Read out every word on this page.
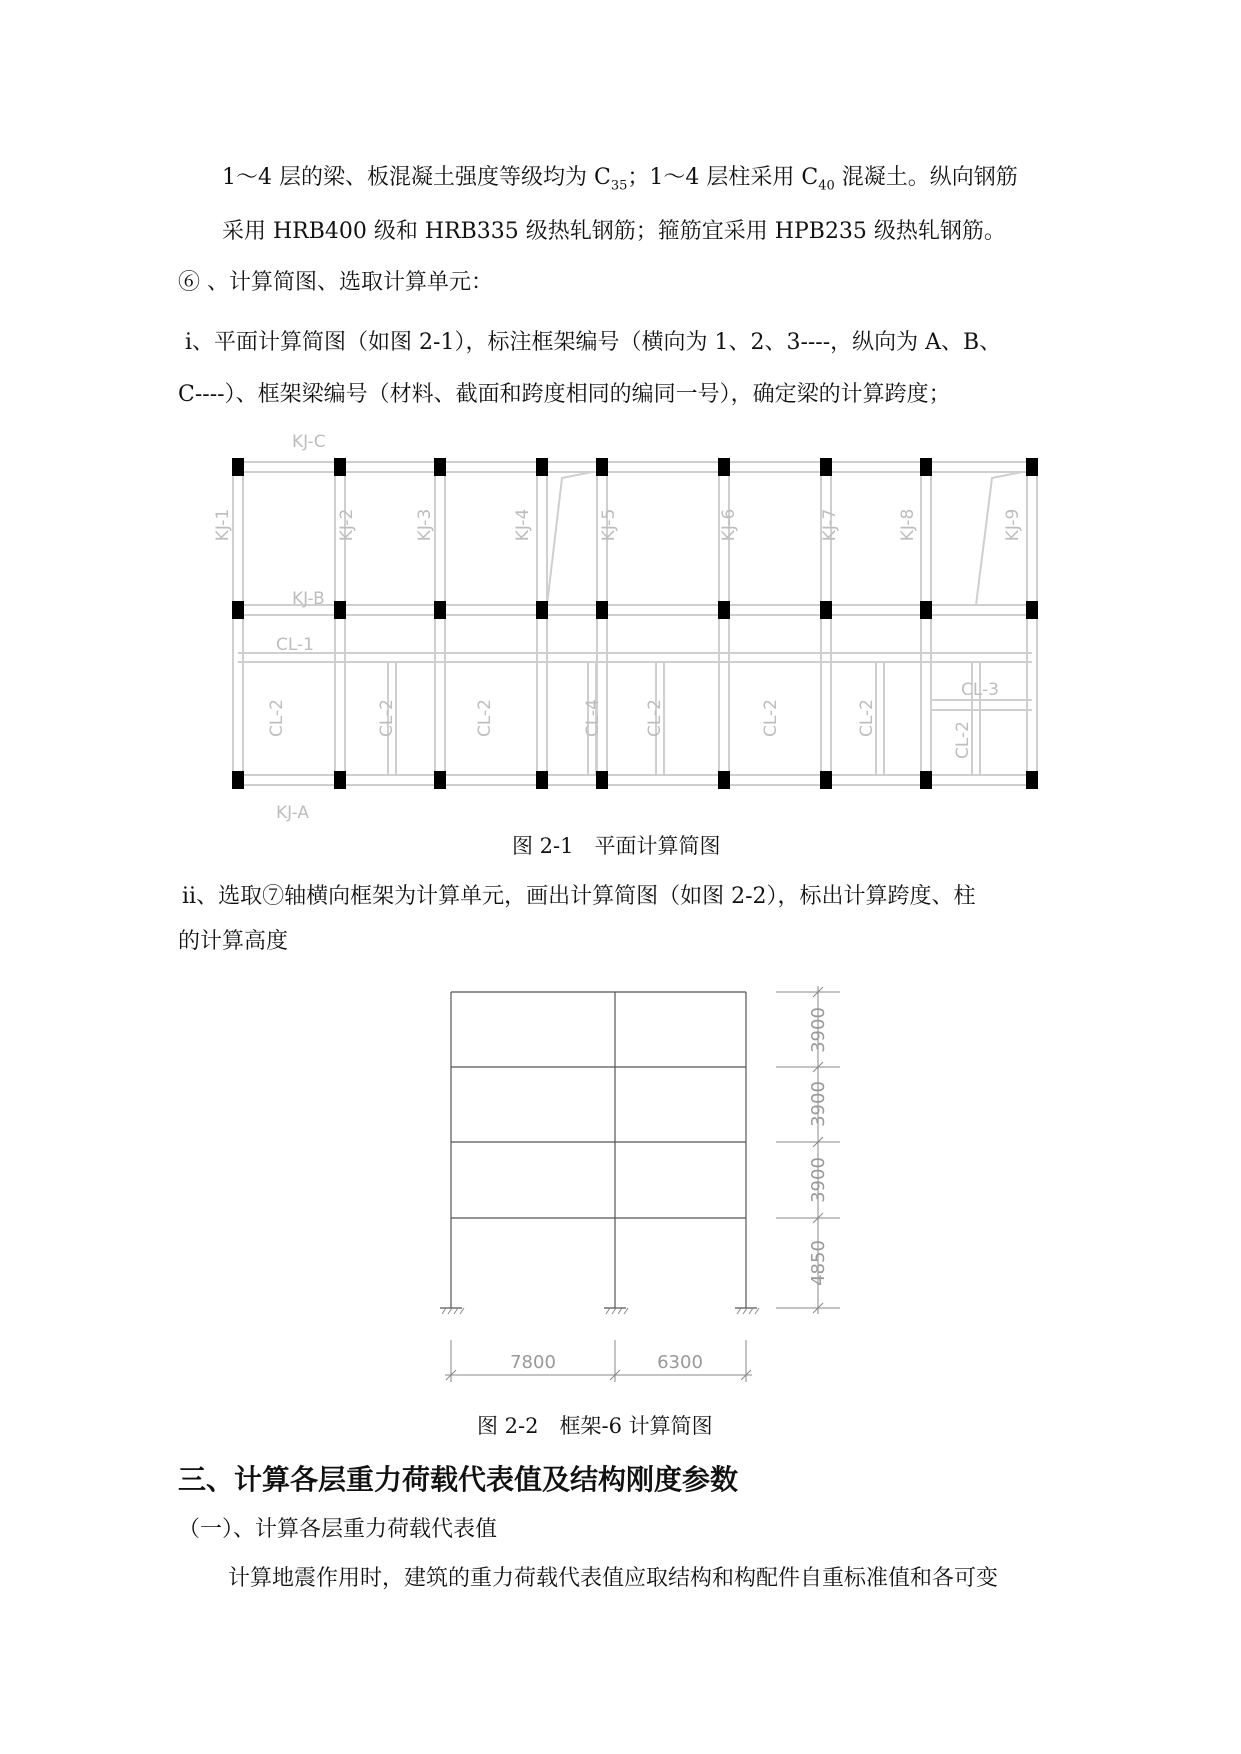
1～4 层的梁、板混凝土强度等级均为 $C_{35}$；1～4 层柱采用 $C_{40}$ 混凝土。纵向钢筋
采用 HRB400 级和 HRB335 级热轧钢筋；箍筋宜采用 HPB235 级热轧钢筋。
⑥ 、计算简图、选取计算单元：
ⅰ、平面计算简图（如图 2-1），标注框架编号（横向为 1、2、3----，纵向为 A、B、
C----）、框架梁编号（材料、截面和跨度相同的编同一号），确定梁的计算跨度；
KJ-1	KJ-2	KJ-3	KJ-4	KJ-5	KJ-6	KJ-7	KJ-8	KJ-9
KJ-C
KJ-B
KJ-A
CL-1
CL-2	CL-2	CL-2	CL-4 CL-2	CL-2	CL-2
CL-3
CL-2
图 2-1　平面计算简图
ⅱ、选取⑦轴横向框架为计算单元，画出计算简图（如图 2-2），标出计算跨度、柱
的计算高度
3900
3900
3900
4850
7800	6300
图 2-2　框架-6 计算简图
三、计算各层重力荷载代表值及结构刚度参数
（一）、计算各层重力荷载代表值
计算地震作用时，建筑的重力荷载代表值应取结构和构配件自重标准值和各可变
